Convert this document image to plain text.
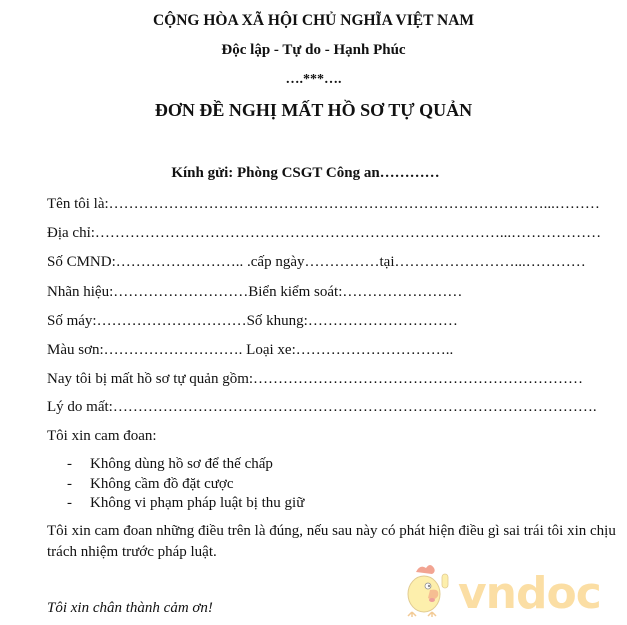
CỘNG HÒA XÃ HỘI CHỦ NGHĨA VIỆT NAM
Độc lập - Tự do - Hạnh Phúc
….***….
ĐƠN ĐỀ NGHỊ MẤT HỒ SƠ TỰ QUẢN
Kính gửi: Phòng CSGT Công an…………
Tên tôi là:……………………………………………………………………………...………
Địa chỉ:………………………………………………………………………...………………
Số CMND:…………………….. .cấp ngày……………tại……………………...…………
Nhãn hiệu:………………………Biển kiểm soát:……………………
Số máy:…………………………Số khung:…………………………
Màu sơn:………………………. Loại xe:…………………………..
Nay tôi bị mất hồ sơ tự quản gồm:…………………………………………………………
Lý do mất:…………………………………………………………………………………….
Tôi xin cam đoan:
- Không dùng hồ sơ để thế chấp
- Không cầm đồ đặt cược
- Không vi phạm pháp luật bị thu giữ
Tôi xin cam đoan những điều trên là đúng, nếu sau này có phát hiện điều gì sai trái tôi xin chịu trách nhiệm trước pháp luật.
Tôi xin chân thành cảm ơn!	vndoc
